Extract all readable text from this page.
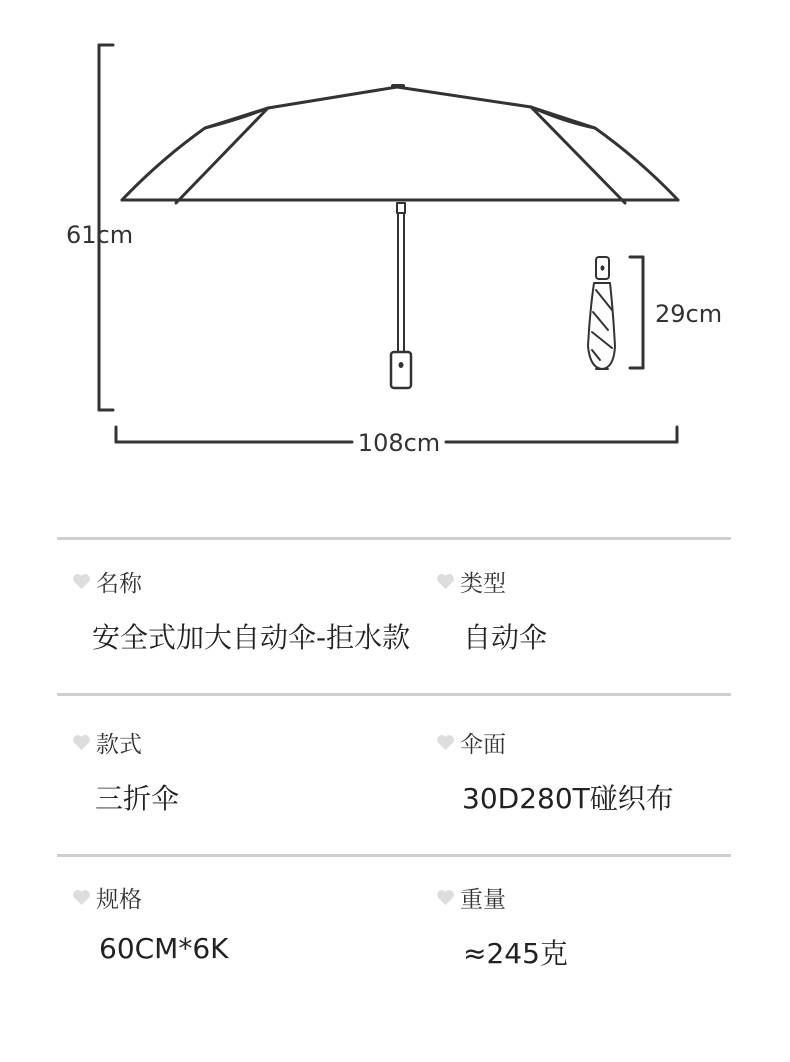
61cm
108cm
29cm
名称
安全式加大自动伞-拒水款
类型
自动伞
款式
三折伞
伞面
30D280T碰织布
规格
60CM*6K
重量
≈245克
